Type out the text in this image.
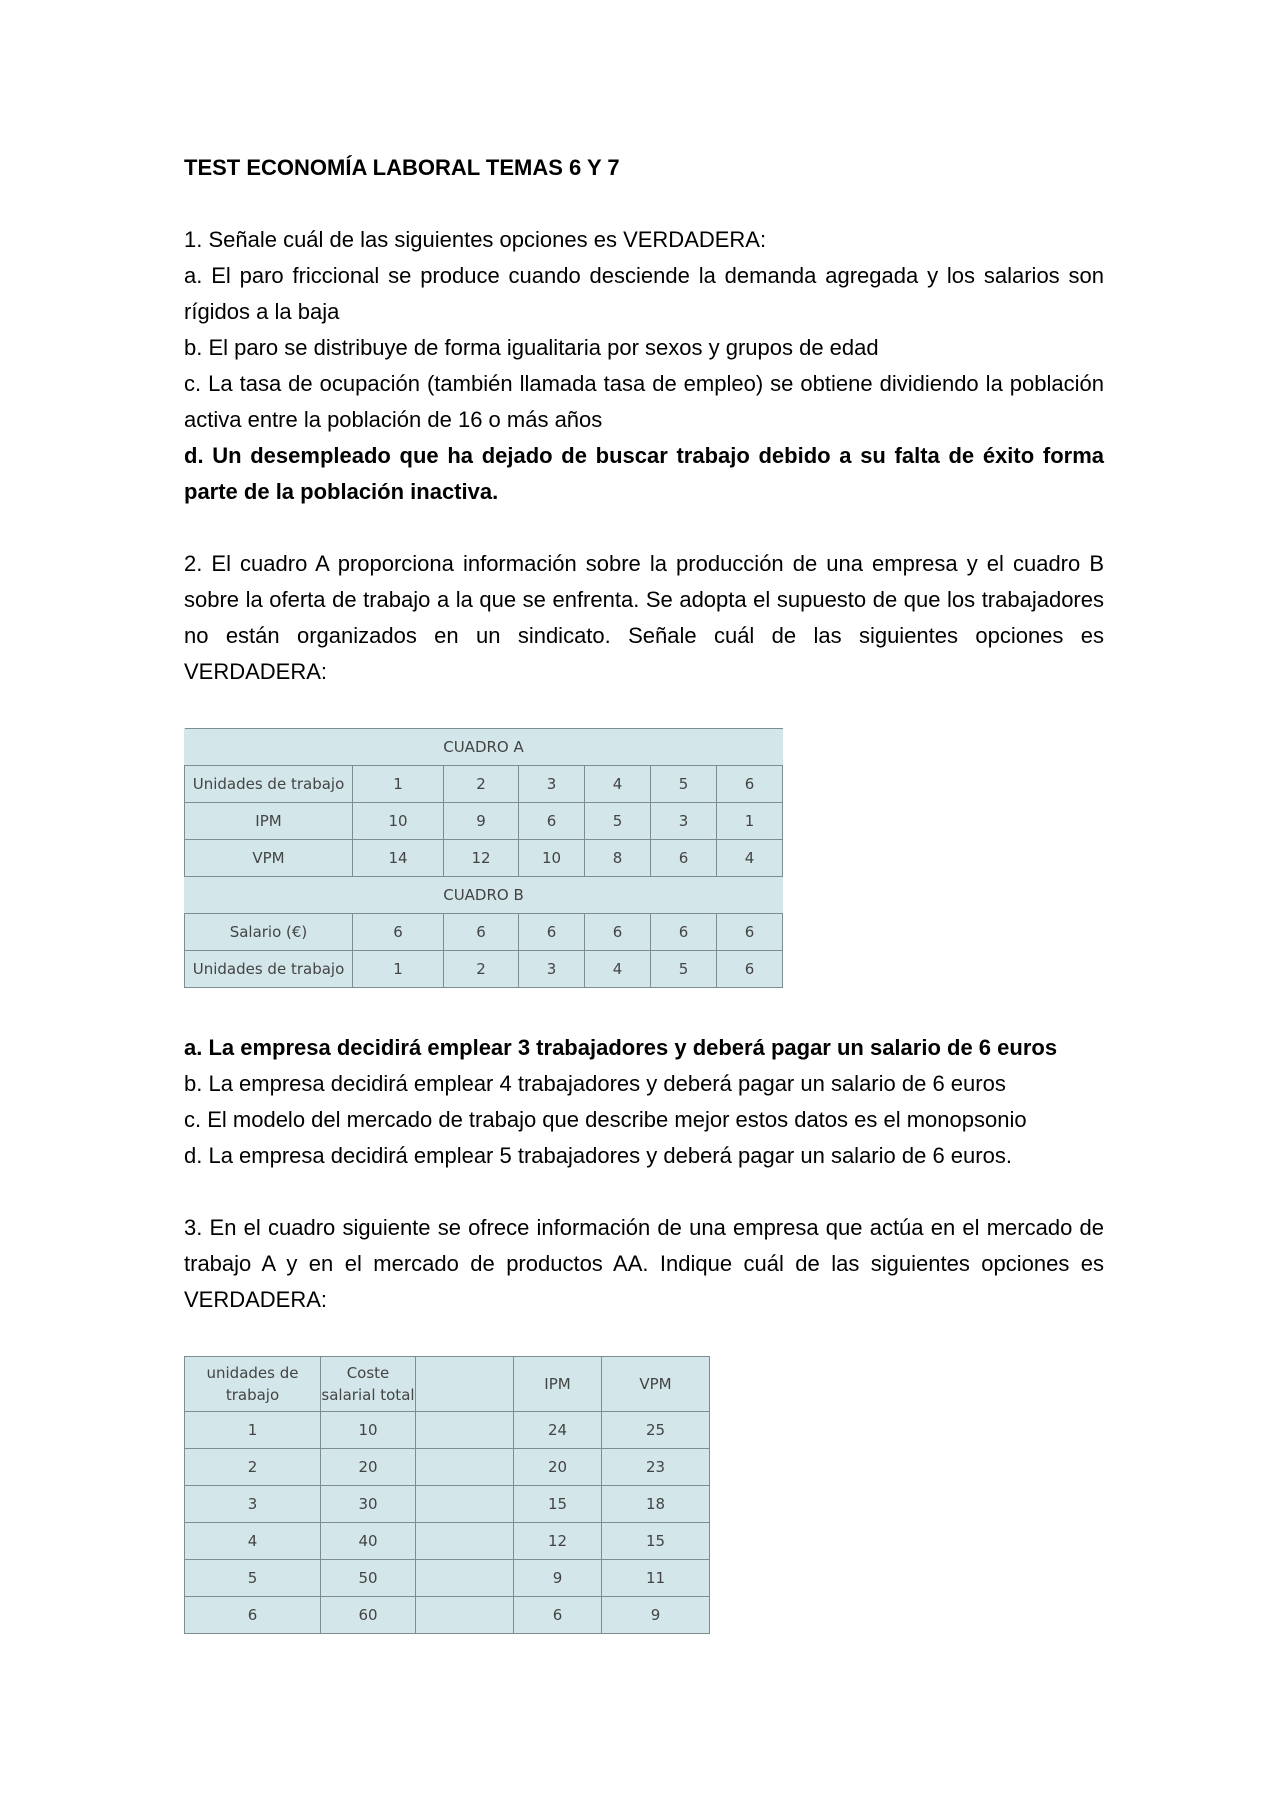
TEST ECONOMÍA LABORAL TEMAS 6 Y 7

1. Señale cuál de las siguientes opciones es VERDADERA:

a. El paro friccional se produce cuando desciende la demanda agregada y los salarios son rígidos a la baja

b. El paro se distribuye de forma igualitaria por sexos y grupos de edad

c. La tasa de ocupación (también llamada tasa de empleo) se obtiene dividiendo la población activa entre la población de 16 o más años

d. Un desempleado que ha dejado de buscar trabajo debido a su falta de éxito forma parte de la población inactiva.

2. El cuadro A proporciona información sobre la producción de una empresa y el cuadro B sobre la oferta de trabajo a la que se enfrenta. Se adopta el supuesto de que los trabajadores no están organizados en un sindicato. Señale cuál de las siguientes opciones es VERDADERA:

CUADRO A						
Unidades de trabajo	1	2	3	4	5	6
IPM	10	9	6	5	3	1
VPM	14	12	10	8	6	4
CUADRO B						
Salario (€)	6	6	6	6	6	6
Unidades de trabajo	1	2	3	4	5	6

a. La empresa decidirá emplear 3 trabajadores y deberá pagar un salario de 6 euros

b. La empresa decidirá emplear 4 trabajadores y deberá pagar un salario de 6 euros

c. El modelo del mercado de trabajo que describe mejor estos datos es el monopsonio

d. La empresa decidirá emplear 5 trabajadores y deberá pagar un salario de 6 euros.

3. En el cuadro siguiente se ofrece información de una empresa que actúa en el mercado de trabajo A y en el mercado de productos AA. Indique cuál de las siguientes opciones es VERDADERA:

unidades de trabajo	Coste salarial total		IPM	VPM
1	10		24	25
2	20		20	23
3	30		15	18
4	40		12	15
5	50		9	11
6	60		6	9
